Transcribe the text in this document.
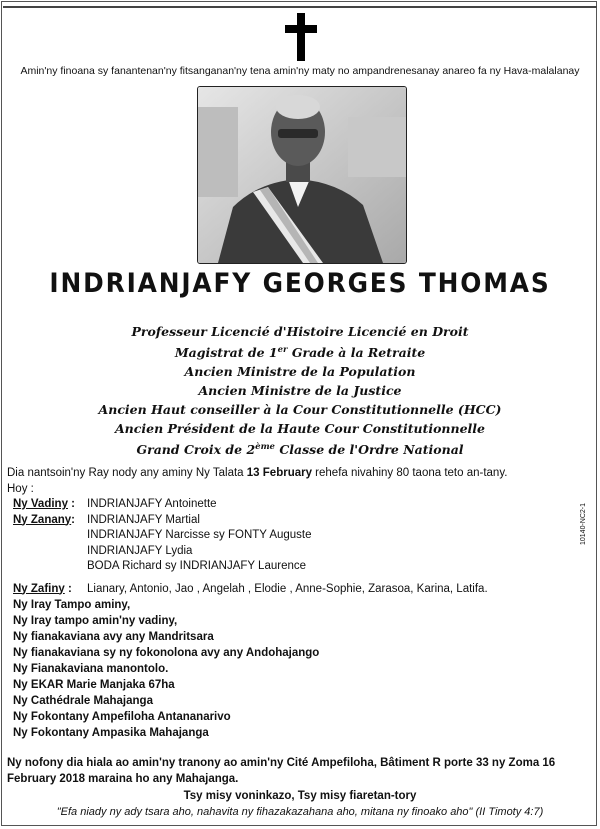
Amin'ny finoana sy fanantenan'ny fitsanganan'ny tena amin'ny maty no ampandrenesanay anareo fa ny Hava-malalanay
INDRIANJAFY GEORGES THOMAS
Professeur Licencié d'Histoire Licencié en Droit
Magistrat de 1er Grade à la Retraite
Ancien Ministre de la Population
Ancien Ministre de la Justice
Ancien Haut conseiller à la Cour Constitutionnelle (HCC)
Ancien Président de la Haute Cour Constitutionnelle
Grand Croix de 2ème Classe de l'Ordre National
Dia nantsoin'ny Ray nody any aminy Ny Talata 13 February rehefa nivahiny 80 taona teto an-tany.
Hoy :
Ny Vadiny :	INDRIANJAFY Antoinette
Ny Zanany:	INDRIANJAFY Martial
INDRIANJAFY Narcisse sy FONTY Auguste
INDRIANJAFY Lydia
BODA Richard sy INDRIANJAFY Laurence
Ny Zafiny :	Lianary, Antonio, Jao , Angelah , Elodie , Anne-Sophie, Zarasoa, Karina, Latifa.
Ny Iray Tampo aminy,
Ny Iray tampo amin'ny vadiny,
Ny fianakaviana avy any Mandritsara
Ny fianakaviana sy ny fokonolona avy any Andohajango
Ny Fianakaviana manontolo.
Ny EKAR Marie Manjaka 67ha
Ny Cathédrale Mahajanga
Ny Fokontany Ampefiloha Antananarivo
Ny Fokontany Ampasika Mahajanga
Ny nofony dia hiala ao amin'ny tranony ao amin'ny Cité Ampefiloha, Bâtiment R porte 33 ny Zoma 16 February 2018 maraina ho any Mahajanga.
Tsy misy voninkazo, Tsy misy fiaretan-tory
"Efa niady ny ady tsara aho, nahavita ny fihazakazahana aho, mitana ny finoako aho" (II Timoty 4:7)
10140-NC2-1
